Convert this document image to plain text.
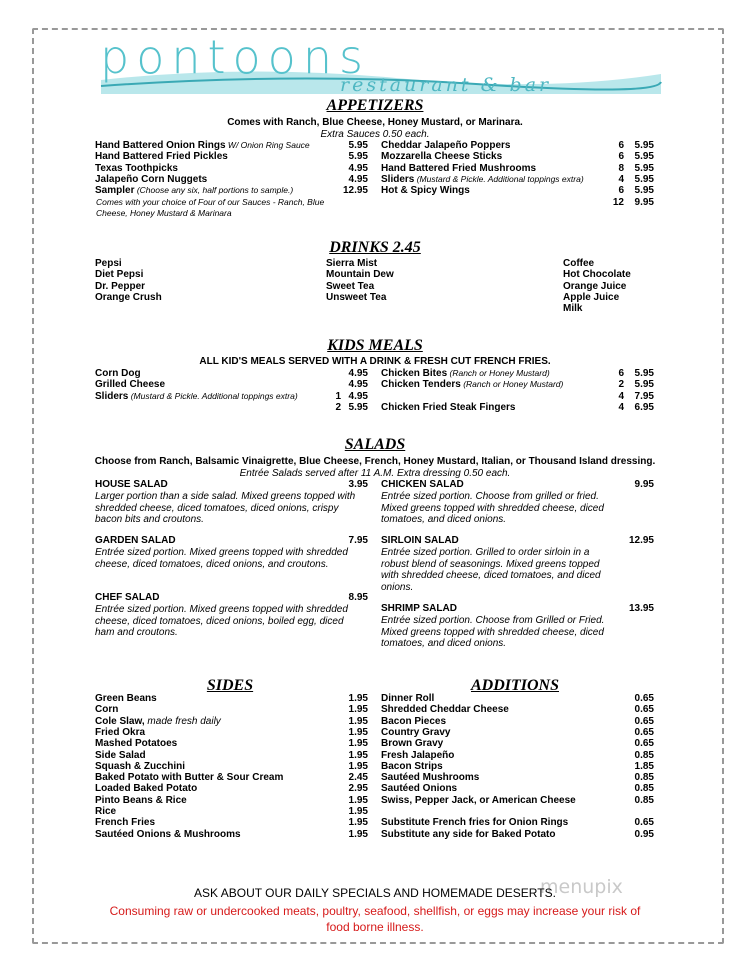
pontoons
restaurant & bar
APPETIZERS
Comes with Ranch, Blue Cheese, Honey Mustard, or Marinara.
Extra Sauces 0.50 each.
Hand Battered Onion Rings W/ Onion Ring Sauce	5.95
Hand Battered Fried Pickles	5.95
Texas Toothpicks	4.95
Jalapeño Corn Nuggets	4.95
Sampler (Choose any six, half portions to sample.)	12.95
Comes with your choice of Four of our Sauces - Ranch, Blue Cheese, Honey Mustard & Marinara
Cheddar Jalapeño Poppers	6	5.95
Mozzarella Cheese Sticks	6	5.95
Hand Battered Fried Mushrooms	8	5.95
Sliders (Mustard & Pickle. Additional toppings extra)	4	5.95
Hot & Spicy Wings	6	5.95
12	9.95
DRINKS 2.45
Pepsi
Diet Pepsi
Dr. Pepper
Orange Crush
Sierra Mist
Mountain Dew
Sweet Tea
Unsweet Tea
Coffee
Hot Chocolate
Orange Juice
Apple Juice
Milk
KIDS MEALS
ALL KID'S MEALS SERVED WITH A DRINK & FRESH CUT FRENCH FRIES.
Corn Dog	4.95
Grilled Cheese	4.95
Sliders (Mustard & Pickle. Additional toppings extra)	1 4.95
2 5.95
Chicken Bites (Ranch or Honey Mustard)	6	5.95
Chicken Tenders (Ranch or Honey Mustard)	2	5.95
4	7.95
Chicken Fried Steak Fingers	4	6.95
SALADS
Choose from Ranch, Balsamic Vinaigrette, Blue Cheese, French, Honey Mustard, Italian, or Thousand Island dressing.
Entrée Salads served after 11 A.M. Extra dressing 0.50 each.
HOUSE SALAD	3.95
Larger portion than a side salad. Mixed greens topped with shredded cheese, diced tomatoes, diced onions, crispy bacon bits and croutons.
GARDEN SALAD	7.95
Entrée sized portion. Mixed greens topped with shredded cheese, diced tomatoes, diced onions, and croutons.
CHEF SALAD	8.95
Entrée sized portion. Mixed greens topped with shredded cheese, diced tomatoes, diced onions, boiled egg, diced ham and croutons.
CHICKEN SALAD	9.95
Entrée sized portion. Choose from grilled or fried. Mixed greens topped with shredded cheese, diced tomatoes, and diced onions.
SIRLOIN SALAD	12.95
Entrée sized portion. Grilled to order sirloin in a robust blend of seasonings. Mixed greens topped with shredded cheese, diced tomatoes, and diced onions.
SHRIMP SALAD	13.95
Entrée sized portion. Choose from Grilled or Fried. Mixed greens topped with shredded cheese, diced tomatoes, and diced onions.
SIDES	ADDITIONS
Green Beans	1.95
Corn	1.95
Cole Slaw, made fresh daily	1.95
Fried Okra	1.95
Mashed Potatoes	1.95
Side Salad	1.95
Squash & Zucchini	1.95
Baked Potato with Butter & Sour Cream	2.45
Loaded Baked Potato	2.95
Pinto Beans & Rice	1.95
Rice	1.95
French Fries	1.95
Sautéed Onions & Mushrooms	1.95
Dinner Roll	0.65
Shredded Cheddar Cheese	0.65
Bacon Pieces	0.65
Country Gravy	0.65
Brown Gravy	0.65
Fresh Jalapeño	0.85
Bacon Strips	1.85
Sautéed Mushrooms	0.85
Sautéed Onions	0.85
Swiss, Pepper Jack, or American Cheese	0.85
Substitute French fries for Onion Rings	0.65
Substitute any side for Baked Potato	0.95
menupix
ASK ABOUT OUR DAILY SPECIALS AND HOMEMADE DESERTS.
Consuming raw or undercooked meats, poultry, seafood, shellfish, or eggs may increase your risk of
food borne illness.
